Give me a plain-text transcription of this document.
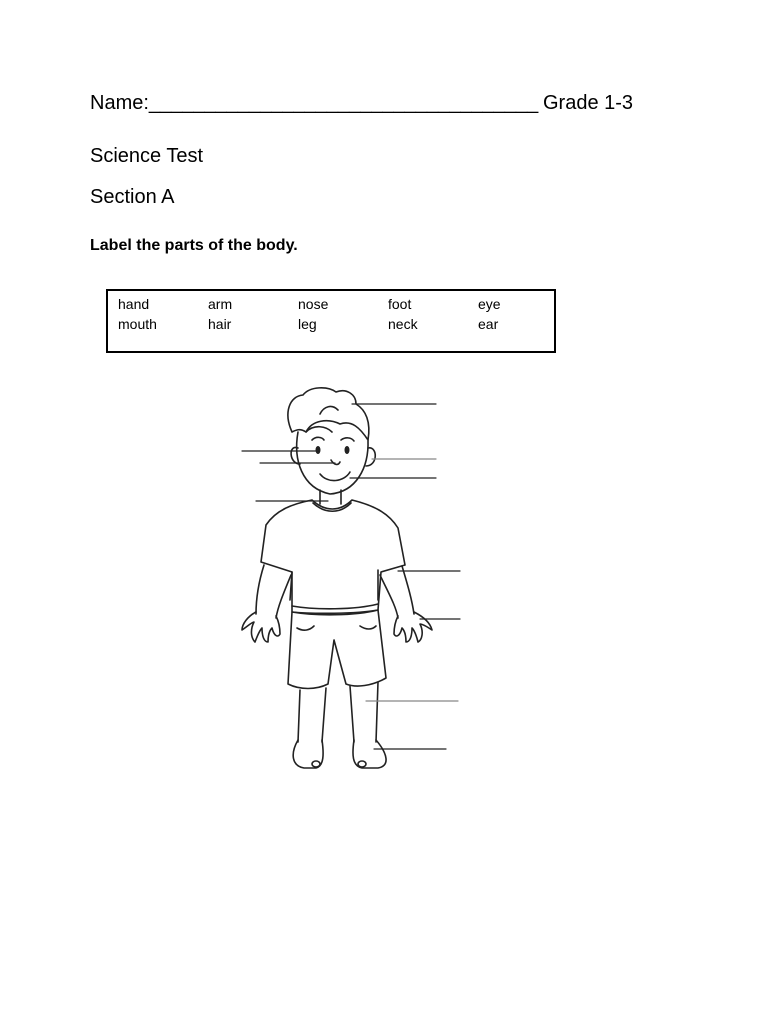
Name:___________________________________ Grade 1-3
Science Test
Section A
Label the parts of the body.
hand	arm	nose	foot	eye
mouth	hair	leg	neck	ear
